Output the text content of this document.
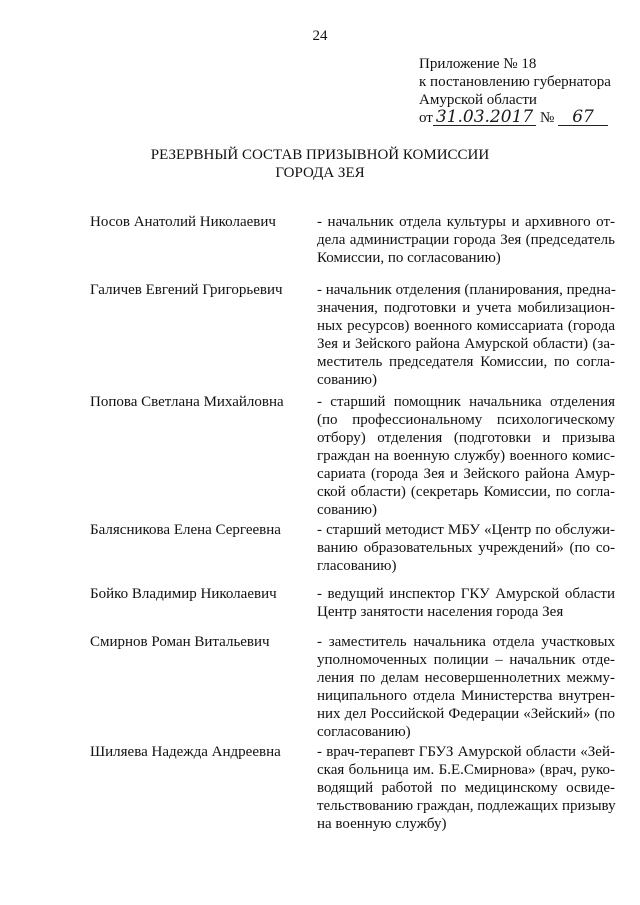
24
Приложение № 18
к постановлению губернатора
Амурской области
от 31.03.2017 № 67
РЕЗЕРВНЫЙ СОСТАВ ПРИЗЫВНОЙ КОМИССИИ
ГОРОДА ЗЕЯ
Носов Анатолий Николаевич	- начальник отдела культуры и архивного от-
дела администрации города Зея (председатель
Комиссии, по согласованию)
Галичев Евгений Григорьевич	- начальник отделения (планирования, предна-
значения, подготовки и учета мобилизацион-
ных ресурсов) военного комиссариата (города
Зея и Зейского района Амурской области) (за-
меститель председателя Комиссии, по согла-
сованию)
Попова Светлана Михайловна	- старший помощник начальника отделения
(по профессиональному психологическому
отбору) отделения (подготовки и призыва
граждан на военную службу) военного комис-
сариата (города Зея и Зейского района Амур-
ской области) (секретарь Комиссии, по согла-
сованию)
Балясникова Елена Сергеевна	- старший методист МБУ «Центр по обслужи-
ванию образовательных учреждений» (по со-
гласованию)
Бойко Владимир Николаевич	- ведущий инспектор ГКУ Амурской области
Центр занятости населения города Зея
Смирнов Роман Витальевич	- заместитель начальника отдела участковых
уполномоченных полиции – начальник отде-
ления по делам несовершеннолетних межму-
ниципального отдела Министерства внутрен-
них дел Российской Федерации «Зейский» (по
согласованию)
Шиляева Надежда Андреевна	- врач-терапевт ГБУЗ Амурской области «Зей-
ская больница им. Б.Е.Смирнова» (врач, руко-
водящий работой по медицинскому освиде-
тельствованию граждан, подлежащих призыву
на военную службу)
